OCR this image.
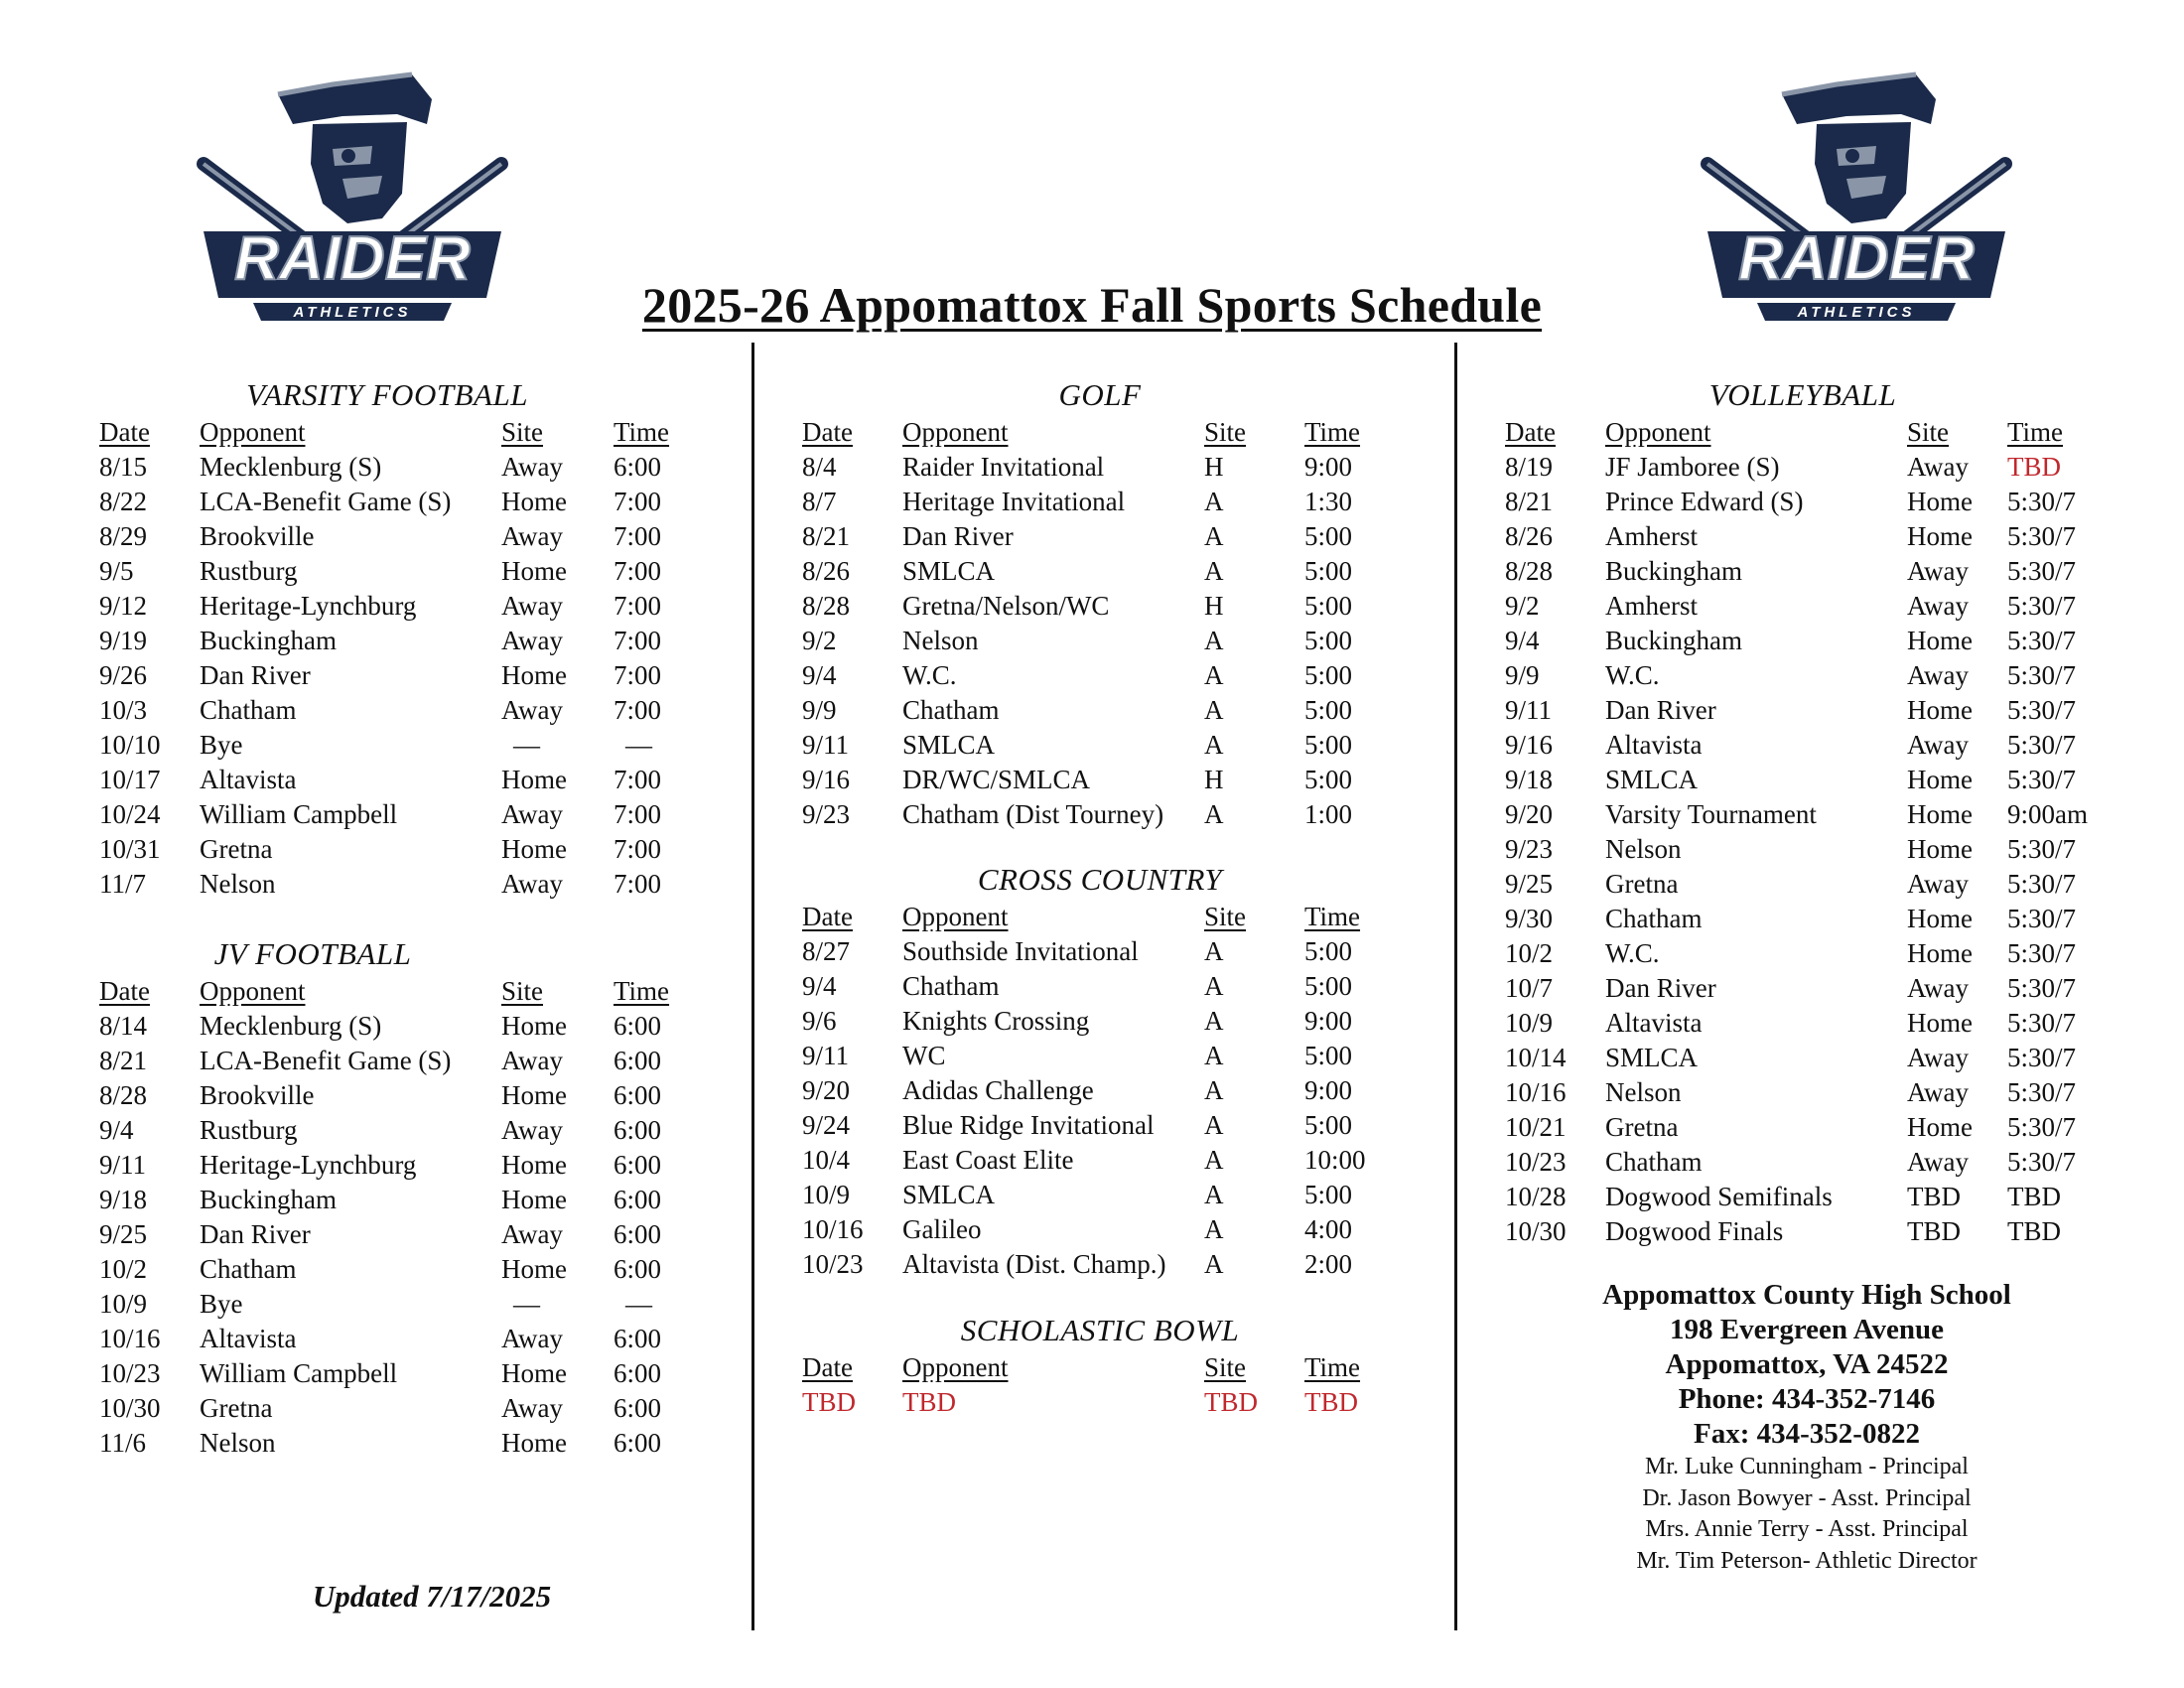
RAIDER
ATHLETICS
RAIDER
ATHLETICS
2025-26 Appomattox Fall Sports Schedule
VARSITY FOOTBALL
Date	Opponent	Site	Time
8/15	Mecklenburg (S)	Away	6:00
8/22	LCA-Benefit Game (S)	Home	7:00
8/29	Brookville	Away	7:00
9/5	Rustburg	Home	7:00
9/12	Heritage-Lynchburg	Away	7:00
9/19	Buckingham	Away	7:00
9/26	Dan River	Home	7:00
10/3	Chatham	Away	7:00
10/10	Bye	—	—
10/17	Altavista	Home	7:00
10/24	William Campbell	Away	7:00
10/31	Gretna	Home	7:00
11/7	Nelson	Away	7:00
JV FOOTBALL
Date	Opponent	Site	Time
8/14	Mecklenburg (S)	Home	6:00
8/21	LCA-Benefit Game (S)	Away	6:00
8/28	Brookville	Home	6:00
9/4	Rustburg	Away	6:00
9/11	Heritage-Lynchburg	Home	6:00
9/18	Buckingham	Home	6:00
9/25	Dan River	Away	6:00
10/2	Chatham	Home	6:00
10/9	Bye	—	—
10/16	Altavista	Away	6:00
10/23	William Campbell	Home	6:00
10/30	Gretna	Away	6:00
11/6	Nelson	Home	6:00
GOLF
Date	Opponent	Site	Time
8/4	Raider Invitational	H	9:00
8/7	Heritage Invitational	A	1:30
8/21	Dan River	A	5:00
8/26	SMLCA	A	5:00
8/28	Gretna/Nelson/WC	H	5:00
9/2	Nelson	A	5:00
9/4	W.C.	A	5:00
9/9	Chatham	A	5:00
9/11	SMLCA	A	5:00
9/16	DR/WC/SMLCA	H	5:00
9/23	Chatham (Dist Tourney)	A	1:00
CROSS COUNTRY
Date	Opponent	Site	Time
8/27	Southside Invitational	A	5:00
9/4	Chatham	A	5:00
9/6	Knights Crossing	A	9:00
9/11	WC	A	5:00
9/20	Adidas Challenge	A	9:00
9/24	Blue Ridge Invitational	A	5:00
10/4	East Coast Elite	A	10:00
10/9	SMLCA	A	5:00
10/16	Galileo	A	4:00
10/23	Altavista (Dist. Champ.)	A	2:00
SCHOLASTIC BOWL
Date	Opponent	Site	Time
TBD	TBD	TBD	TBD
VOLLEYBALL
Date	Opponent	Site	Time
8/19	JF Jamboree (S)	Away	TBD
8/21	Prince Edward (S)	Home	5:30/7
8/26	Amherst	Home	5:30/7
8/28	Buckingham	Away	5:30/7
9/2	Amherst	Away	5:30/7
9/4	Buckingham	Home	5:30/7
9/9	W.C.	Away	5:30/7
9/11	Dan River	Home	5:30/7
9/16	Altavista	Away	5:30/7
9/18	SMLCA	Home	5:30/7
9/20	Varsity Tournament	Home	9:00am
9/23	Nelson	Home	5:30/7
9/25	Gretna	Away	5:30/7
9/30	Chatham	Home	5:30/7
10/2	W.C.	Home	5:30/7
10/7	Dan River	Away	5:30/7
10/9	Altavista	Home	5:30/7
10/14	SMLCA	Away	5:30/7
10/16	Nelson	Away	5:30/7
10/21	Gretna	Home	5:30/7
10/23	Chatham	Away	5:30/7
10/28	Dogwood Semifinals	TBD	TBD
10/30	Dogwood Finals	TBD	TBD
Appomattox County High School
198 Evergreen Avenue
Appomattox, VA 24522
Phone: 434-352-7146
Fax: 434-352-0822
Mr. Luke Cunningham - Principal
Dr. Jason Bowyer - Asst. Principal
Mrs. Annie Terry - Asst. Principal
Mr. Tim Peterson- Athletic Director
Updated 7/17/2025
